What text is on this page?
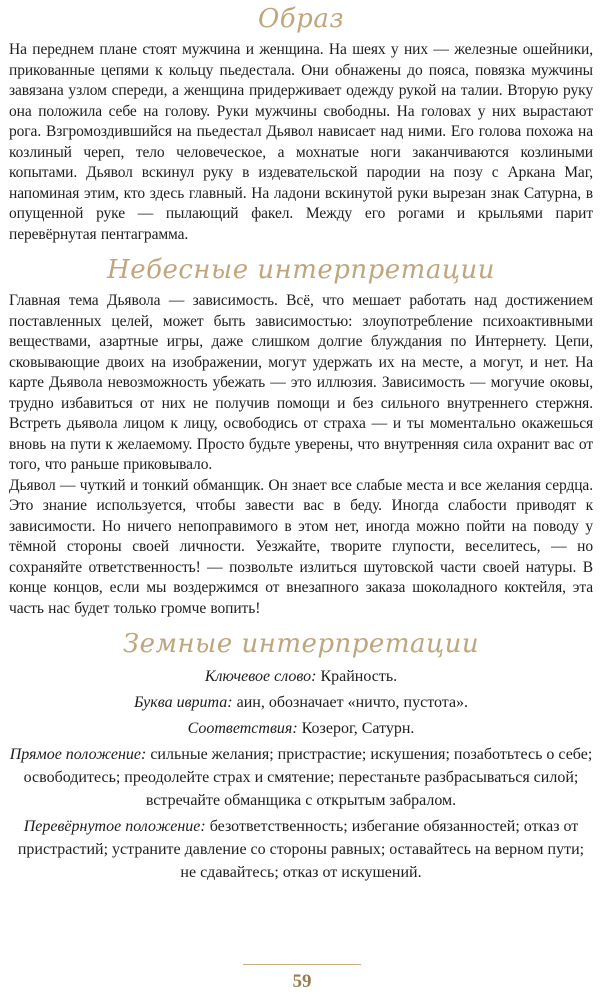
Образ

На переднем плане стоят мужчина и женщина. На шеях у них — железные ошейники, прикованные цепями к кольцу пьедестала. Они обнажены до пояса, повязка мужчины завязана узлом спереди, а женщина придерживает одежду рукой на талии. Вторую руку она положила себе на голову. Руки мужчины свободны. На головах у них вырастают рога. Взгромоздившийся на пьедестал Дьявол нависает над ними. Его голова похожа на козлиный череп, тело человеческое, а мохнатые ноги заканчиваются козлиными копытами. Дьявол вскинул руку в издевательской пародии на позу с Аркана Маг, напоминая этим, кто здесь главный. На ладони вскинутой руки вырезан знак Сатурна, в опущенной руке — пылающий факел. Между его рогами и крыльями парит перевёрнутая пентаграмма.

Небесные интерпретации

Главная тема Дьявола — зависимость. Всё, что мешает работать над достижением поставленных целей, может быть зависимостью: злоупотребление психоактивными веществами, азартные игры, даже слишком долгие блуждания по Интернету. Цепи, сковывающие двоих на изображении, могут удержать их на месте, а могут, и нет. На карте Дьявола невозможность убежать — это иллюзия. Зависимость — могучие оковы, трудно избавиться от них не получив помощи и без сильного внутреннего стержня. Встреть дьявола лицом к лицу, освободись от страха — и ты моментально окажешься вновь на пути к желаемому. Просто будьте уверены, что внутренняя сила охранит вас от того, что раньше приковывало.

Дьявол — чуткий и тонкий обманщик. Он знает все слабые места и все желания сердца. Это знание используется, чтобы завести вас в беду. Иногда слабости приводят к зависимости. Но ничего непоправимого в этом нет, иногда можно пойти на поводу у тёмной стороны своей личности. Уезжайте, творите глупости, веселитесь, — но сохраняйте ответственность! — позвольте излиться шутовской части своей натуры. В конце концов, если мы воздержимся от внезапного заказа шоколадного коктейля, эта часть нас будет только громче вопить!

Земные интерпретации

Ключевое слово: Крайность.

Буква иврита: аин, обозначает «ничто, пустота».

Соответствия: Козерог, Сатурн.

Прямое положение: сильные желания; пристрастие; искушения; позаботьтесь о себе; освободитесь; преодолейте страх и смятение; перестаньте разбрасываться силой; встречайте обманщика с открытым забралом.

Перевёрнутое положение: безответственность; избегание обязанностей; отказ от пристрастий; устраните давление со стороны равных; оставайтесь на верном пути; не сдавайтесь; отказ от искушений.

59
